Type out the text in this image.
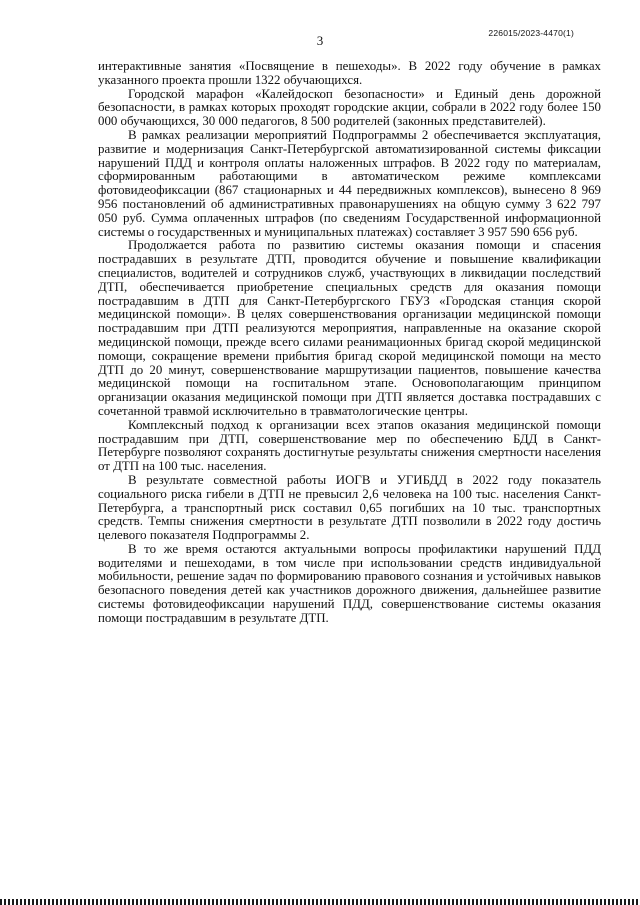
226015/2023-4470(1)
3

интерактивные занятия «Посвящение в пешеходы». В 2022 году обучение в рамках указанного проекта прошли 1322 обучающихся.

Городской марафон «Калейдоскоп безопасности» и Единый день дорожной безопасности, в рамках которых проходят городские акции, собрали в 2022 году более 150 000 обучающихся, 30 000 педагогов, 8 500 родителей (законных представителей).

В рамках реализации мероприятий Подпрограммы 2 обеспечивается эксплуатация, развитие и модернизация Санкт-Петербургской автоматизированной системы фиксации нарушений ПДД и контроля оплаты наложенных штрафов. В 2022 году по материалам, сформированным работающими в автоматическом режиме комплексами фотовидеофиксации (867 стационарных и 44 передвижных комплексов), вынесено 8 969 956 постановлений об административных правонарушениях на общую сумму 3 622 797 050 руб. Сумма оплаченных штрафов (по сведениям Государственной информационной системы о государственных и муниципальных платежах) составляет 3 957 590 656 руб.

Продолжается работа по развитию системы оказания помощи и спасения пострадавших в результате ДТП, проводится обучение и повышение квалификации специалистов, водителей и сотрудников служб, участвующих в ликвидации последствий ДТП, обеспечивается приобретение специальных средств для оказания помощи пострадавшим в ДТП для Санкт-Петербургского ГБУЗ «Городская станция скорой медицинской помощи». В целях совершенствования организации медицинской помощи пострадавшим при ДТП реализуются мероприятия, направленные на оказание скорой медицинской помощи, прежде всего силами реанимационных бригад скорой медицинской помощи, сокращение времени прибытия бригад скорой медицинской помощи на место ДТП до 20 минут, совершенствование маршрутизации пациентов, повышение качества медицинской помощи на госпитальном этапе. Основополагающим принципом организации оказания медицинской помощи при ДТП является доставка пострадавших с сочетанной травмой исключительно в травматологические центры.

Комплексный подход к организации всех этапов оказания медицинской помощи пострадавшим при ДТП, совершенствование мер по обеспечению БДД в Санкт-Петербурге позволяют сохранять достигнутые результаты снижения смертности населения от ДТП на 100 тыс. населения.

В результате совместной работы ИОГВ и УГИБДД в 2022 году показатель социального риска гибели в ДТП не превысил 2,6 человека на 100 тыс. населения Санкт-Петербурга, а транспортный риск составил 0,65 погибших на 10 тыс. транспортных средств. Темпы снижения смертности в результате ДТП позволили в 2022 году достичь целевого показателя Подпрограммы 2.

В то же время остаются актуальными вопросы профилактики нарушений ПДД водителями и пешеходами, в том числе при использовании средств индивидуальной мобильности, решение задач по формированию правового сознания и устойчивых навыков безопасного поведения детей как участников дорожного движения, дальнейшее развитие системы фотовидеофиксации нарушений ПДД, совершенствование системы оказания помощи пострадавшим в результате ДТП.
